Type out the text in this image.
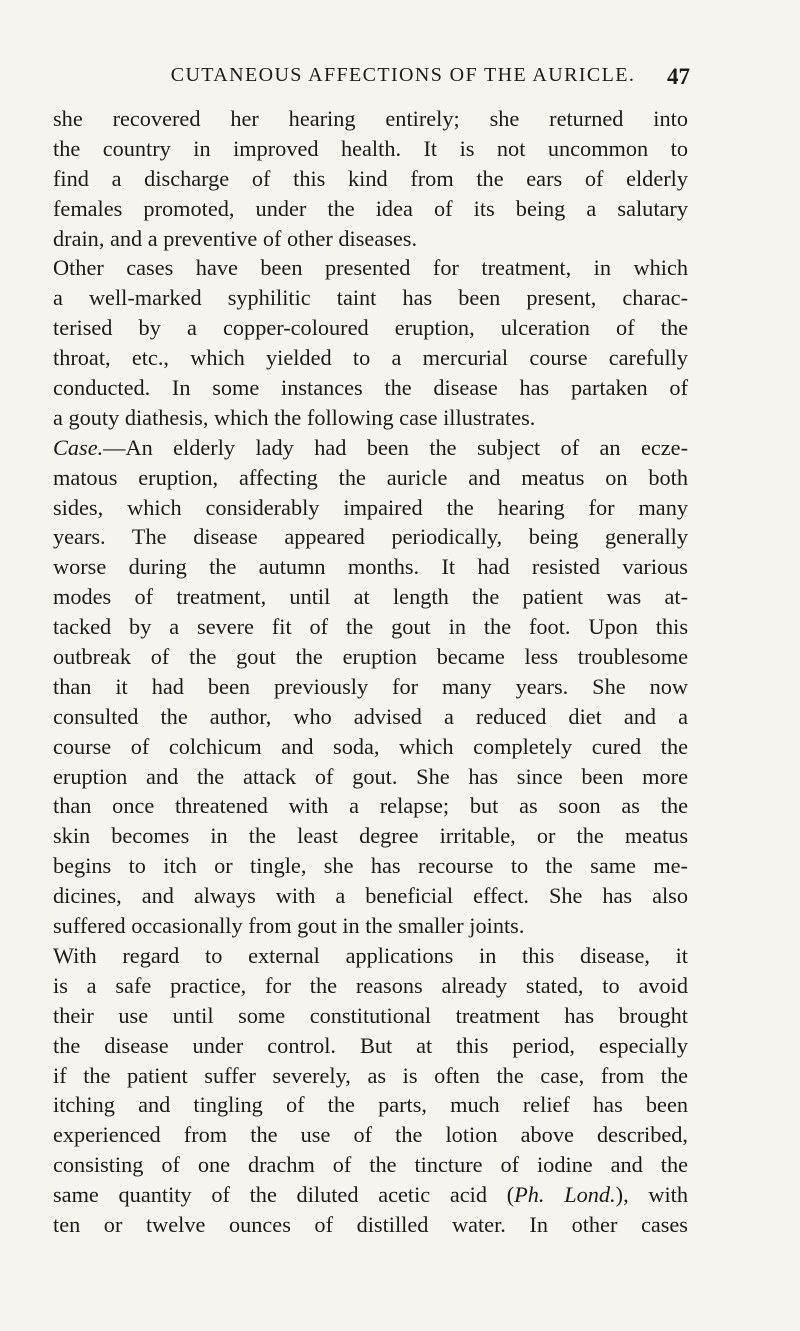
CUTANEOUS AFFECTIONS OF THE AURICLE.	47
she recovered her hearing entirely; she returned into
the country in improved health. It is not uncommon to
find a discharge of this kind from the ears of elderly
females promoted, under the idea of its being a salutary
drain, and a preventive of other diseases.
Other cases have been presented for treatment, in which
a well-marked syphilitic taint has been present, charac-
terised by a copper-coloured eruption, ulceration of the
throat, etc., which yielded to a mercurial course carefully
conducted. In some instances the disease has partaken of
a gouty diathesis, which the following case illustrates.
Case.—An elderly lady had been the subject of an ecze-
matous eruption, affecting the auricle and meatus on both
sides, which considerably impaired the hearing for many
years. The disease appeared periodically, being generally
worse during the autumn months. It had resisted various
modes of treatment, until at length the patient was at-
tacked by a severe fit of the gout in the foot. Upon this
outbreak of the gout the eruption became less troublesome
than it had been previously for many years. She now
consulted the author, who advised a reduced diet and a
course of colchicum and soda, which completely cured the
eruption and the attack of gout. She has since been more
than once threatened with a relapse; but as soon as the
skin becomes in the least degree irritable, or the meatus
begins to itch or tingle, she has recourse to the same me-
dicines, and always with a beneficial effect. She has also
suffered occasionally from gout in the smaller joints.
With regard to external applications in this disease, it
is a safe practice, for the reasons already stated, to avoid
their use until some constitutional treatment has brought
the disease under control. But at this period, especially
if the patient suffer severely, as is often the case, from the
itching and tingling of the parts, much relief has been
experienced from the use of the lotion above described,
consisting of one drachm of the tincture of iodine and the
same quantity of the diluted acetic acid (Ph. Lond.), with
ten or twelve ounces of distilled water. In other cases
